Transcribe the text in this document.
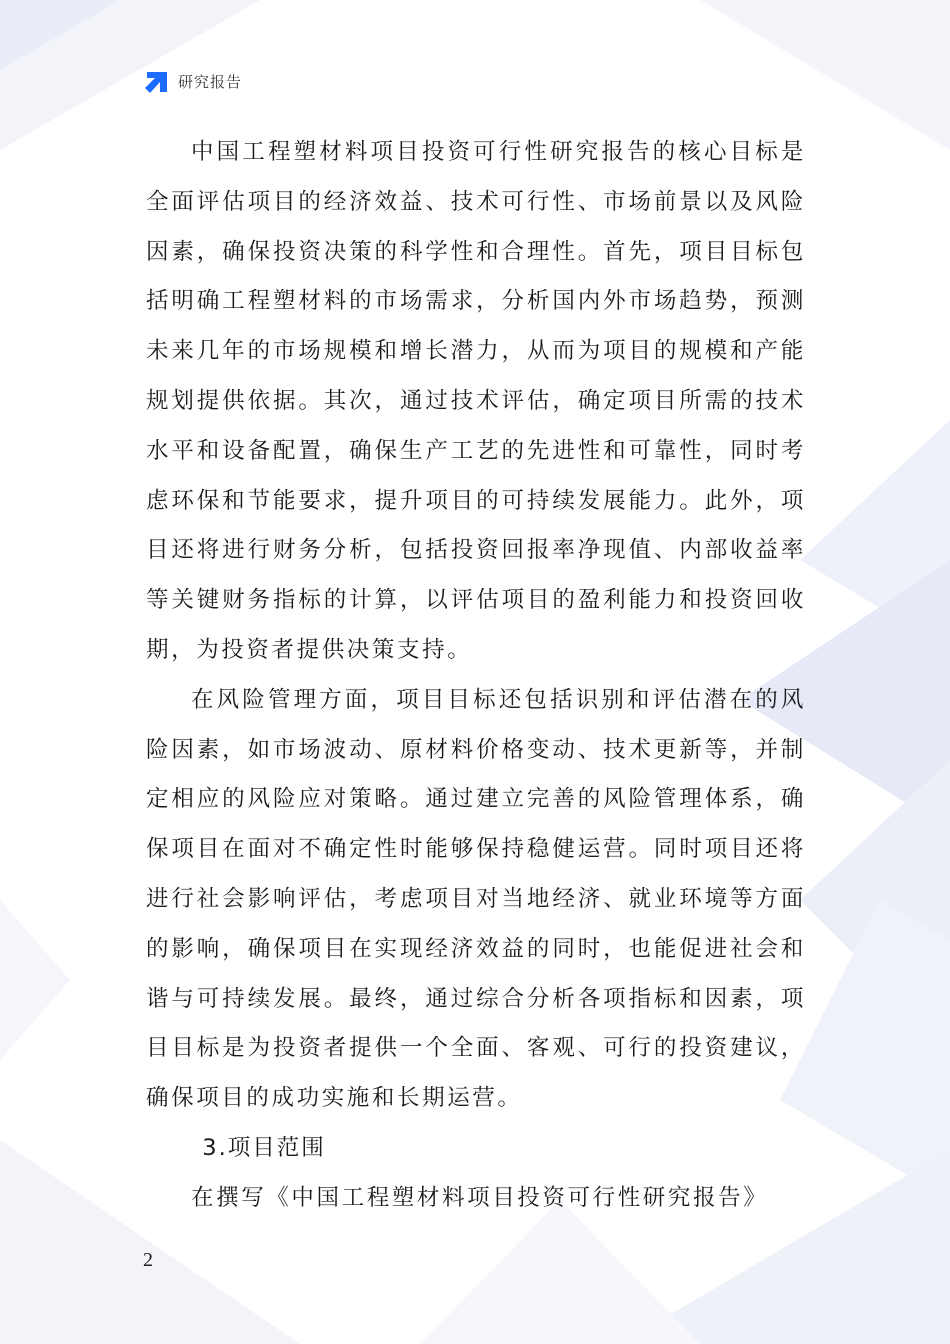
研究报告

中国工程塑材料项目投资可行性研究报告的核心目标是全面评估项目的经济效益、技术可行性、市场前景以及风险因素，确保投资决策的科学性和合理性。首先，项目目标包括明确工程塑材料的市场需求，分析国内外市场趋势，预测未来几年的市场规模和增长潜力，从而为项目的规模和产能规划提供依据。其次，通过技术评估，确定项目所需的技术水平和设备配置，确保生产工艺的先进性和可靠性，同时考虑环保和节能要求，提升项目的可持续发展能力。此外，项目还将进行财务分析，包括投资回报率净现值、内部收益率等关键财务指标的计算，以评估项目的盈利能力和投资回收期，为投资者提供决策支持。

在风险管理方面，项目目标还包括识别和评估潜在的风险因素，如市场波动、原材料价格变动、技术更新等，并制定相应的风险应对策略。通过建立完善的风险管理体系，确保项目在面对不确定性时能够保持稳健运营。同时项目还将进行社会影响评估，考虑项目对当地经济、就业环境等方面的影响，确保项目在实现经济效益的同时，也能促进社会和谐与可持续发展。最终，通过综合分析各项指标和因素，项目目标是为投资者提供一个全面、客观、可行的投资建议，确保项目的成功实施和长期运营。

3.项目范围

在撰写《中国工程塑材料项目投资可行性研究报告》

2
